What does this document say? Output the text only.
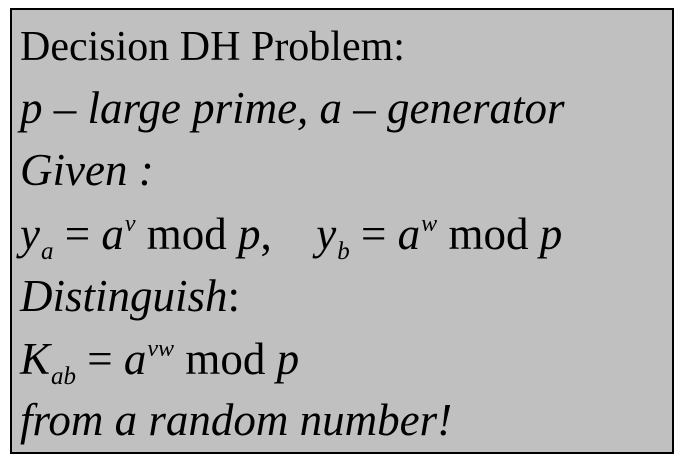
Decision DH Problem:
p – large prime, a – generator
Given :
$y_a = a^v$ mod p, $y_b = a^w$ mod p
Distinguish:
$K_{ab} = a^{vw}$ mod p
from a random number!
